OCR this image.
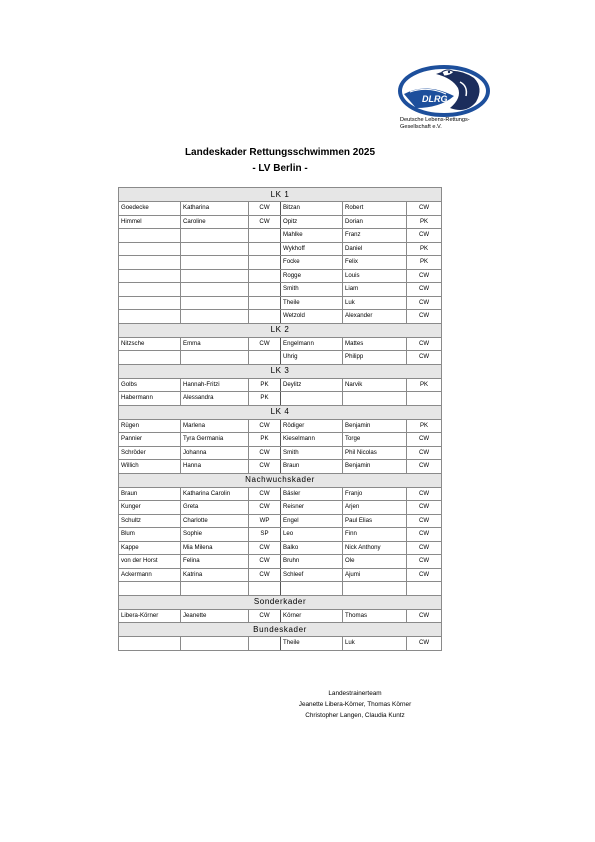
DLRG
Deutsche Lebens-Rettungs-
Gesellschaft e.V.
Landeskader Rettungsschwimmen 2025
- LV Berlin -
LK 1					
Goedecke	Katharina	CW	Bitzan	Robert	CW
Himmel	Caroline	CW	Opitz	Dorian	PK
			Mahlke	Franz	CW
			Wykhoff	Daniel	PK
			Focke	Felix	PK
			Rogge	Louis	CW
			Smith	Liam	CW
			Theile	Luk	CW
			Wetzold	Alexander	CW
LK 2					
Nitzsche	Emma	CW	Engelmann	Mattes	CW
			Uhrig	Philipp	CW
LK 3					
Golbs	Hannah-Fritzi	PK	Deylitz	Narvik	PK
Habermann	Alessandra	PK			
LK 4					
Rügen	Marlena	CW	Rödiger	Benjamin	PK
Pannier	Tyra Germania	PK	Kieselmann	Torge	CW
Schröder	Johanna	CW	Smith	Phil Nicolas	CW
Willich	Hanna	CW	Braun	Benjamin	CW
Nachwuchskader					
Braun	Katharina Carolin	CW	Bäsler	Franjo	CW
Kunger	Greta	CW	Reisner	Arjen	CW
Schultz	Charlotte	WP	Engel	Paul Elias	CW
Blum	Sophie	SP	Leo	Finn	CW
Kappe	Mia Milena	CW	Balko	Nick Anthony	CW
von der Horst	Felina	CW	Bruhn	Ole	CW
Ackermann	Katrina	CW	Schleef	Ajumi	CW

Sonderkader					
Libera-Körner	Jeanette	CW	Körner	Thomas	CW
Bundeskader					
			Theile	Luk	CW
Landestrainerteam
Jeanette Libera-Körner, Thomas Körner
Christopher Langen, Claudia Kuntz
